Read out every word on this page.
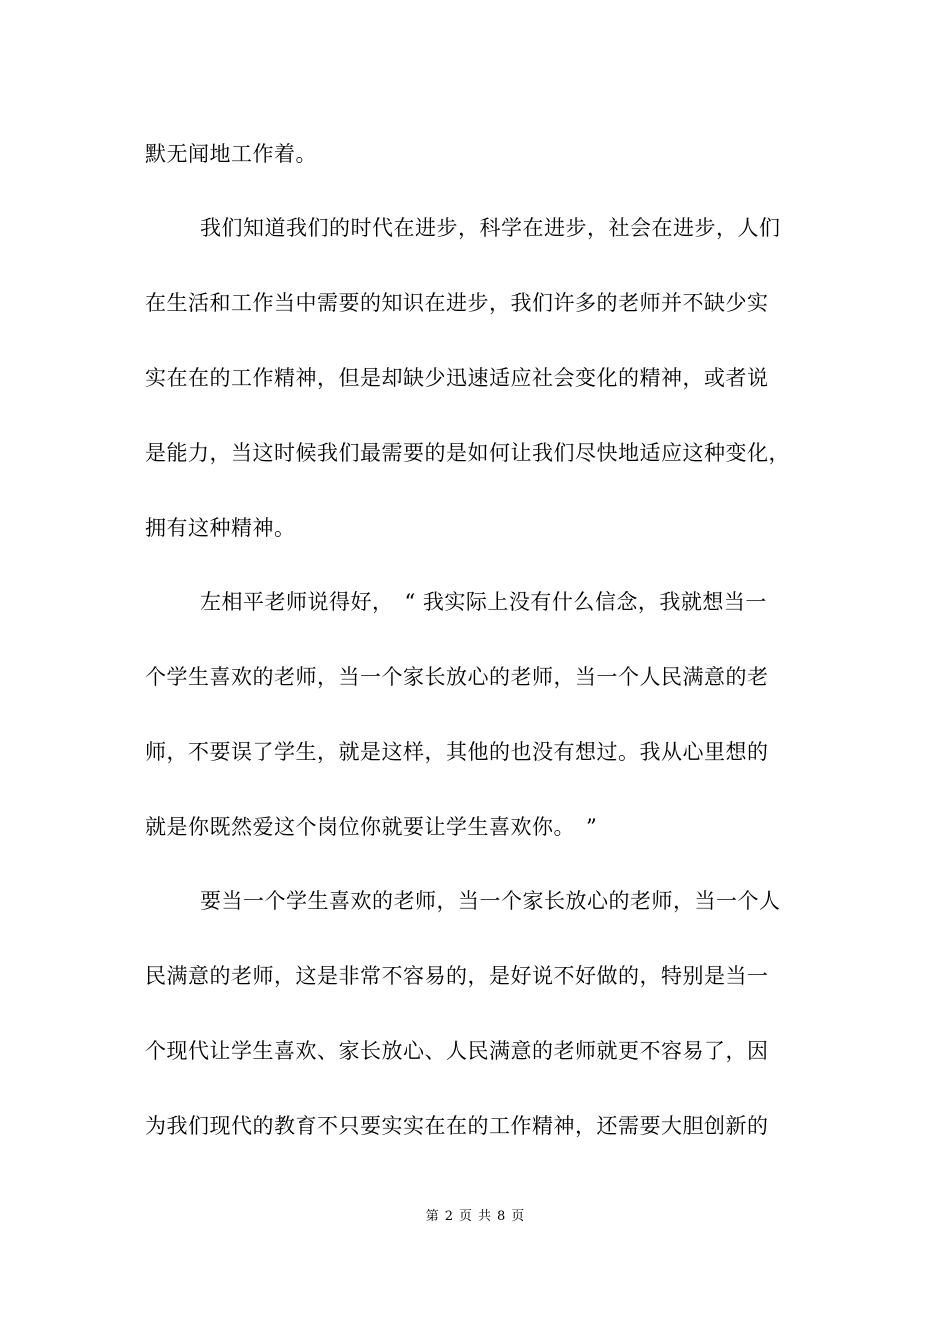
默无闻地工作着。
我们知道我们的时代在进步，科学在进步，社会在进步，人们
在生活和工作当中需要的知识在进步，我们许多的老师并不缺少实
实在在的工作精神，但是却缺少迅速适应社会变化的精神，或者说
是能力，当这时候我们最需要的是如何让我们尽快地适应这种变化，
拥有这种精神。
左相平老师说得好，　“ 我实际上没有什么信念，我就想当一
个学生喜欢的老师，当一个家长放心的老师，当一个人民满意的老
师，不要误了学生，就是这样，其他的也没有想过。我从心里想的
就是你既然爱这个岗位你就要让学生喜欢你。　”
要当一个学生喜欢的老师，当一个家长放心的老师，当一个人
民满意的老师，这是非常不容易的，是好说不好做的，特别是当一
个现代让学生喜欢、家长放心、人民满意的老师就更不容易了，因
为我们现代的教育不只要实实在在的工作精神，还需要大胆创新的
第 2 页 共 8 页
